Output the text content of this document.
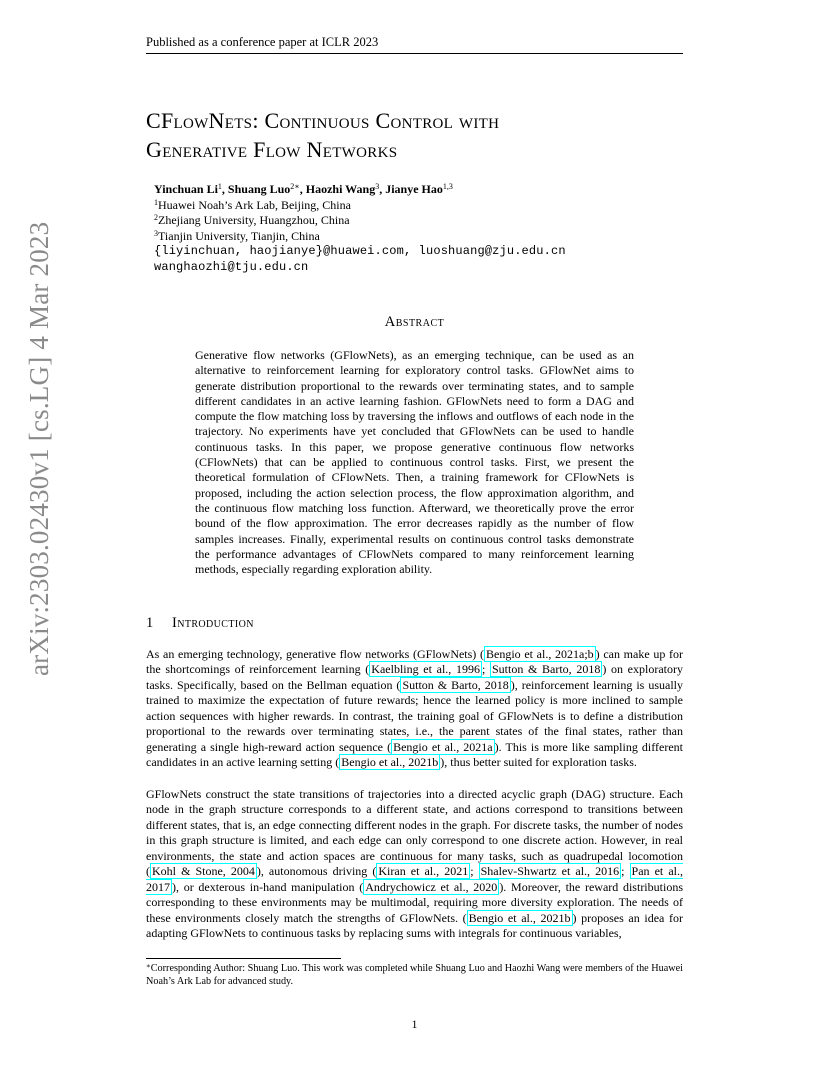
Published as a conference paper at ICLR 2023
arXiv:2303.02430v1 [cs.LG] 4 Mar 2023
CFlowNets: Continuous Control with
Generative Flow Networks
Yinchuan Li$^1$, Shuang Luo$^{2∗}$, Haozhi Wang$^3$, Jianye Hao$^{1,3}$
$^1$Huawei Noah’s Ark Lab, Beijing, China
$^2$Zhejiang University, Huangzhou, China
$^3$Tianjin University, Tianjin, China
{liyinchuan, haojianye}@huawei.com, luoshuang@zju.edu.cn
wanghaozhi@tju.edu.cn
Abstract
Generative flow networks (GFlowNets), as an emerging technique, can be used as an alternative to reinforcement learning for exploratory control tasks. GFlowNet aims to generate distribution proportional to the rewards over terminating states, and to sample different candidates in an active learning fashion. GFlowNets need to form a DAG and compute the flow matching loss by traversing the inflows and outflows of each node in the trajectory. No experiments have yet concluded that GFlowNets can be used to handle continuous tasks. In this paper, we propose generative continuous flow networks (CFlowNets) that can be applied to continuous control tasks. First, we present the theoretical formulation of CFlowNets. Then, a training framework for CFlowNets is proposed, including the action selection process, the flow approximation algorithm, and the continuous flow matching loss function. Afterward, we theoretically prove the error bound of the flow approximation. The error decreases rapidly as the number of flow samples increases. Finally, experimental results on continuous control tasks demonstrate the performance advantages of CFlowNets compared to many reinforcement learning methods, especially regarding exploration ability.
1 Introduction
As an emerging technology, generative flow networks (GFlowNets) ( Bengio et al., 2021a;b ) can make up for the shortcomings of reinforcement learning ( Kaelbling et al., 1996 ; Sutton & Barto, 2018 ) on exploratory tasks. Specifically, based on the Bellman equation ( Sutton & Barto, 2018 ), reinforcement learning is usually trained to maximize the expectation of future rewards; hence the learned policy is more inclined to sample action sequences with higher rewards. In contrast, the training goal of GFlowNets is to define a distribution proportional to the rewards over terminating states, i.e., the parent states of the final states, rather than generating a single high-reward action sequence ( Bengio et al., 2021a ). This is more like sampling different candidates in an active learning setting ( Bengio et al., 2021b ), thus better suited for exploration tasks.
GFlowNets construct the state transitions of trajectories into a directed acyclic graph (DAG) structure. Each node in the graph structure corresponds to a different state, and actions correspond to transitions between different states, that is, an edge connecting different nodes in the graph. For discrete tasks, the number of nodes in this graph structure is limited, and each edge can only correspond to one discrete action. However, in real environments, the state and action spaces are continuous for many tasks, such as quadrupedal locomotion ( Kohl & Stone, 2004 ), autonomous driving ( Kiran et al., 2021 ; Shalev-Shwartz et al., 2016 ; Pan et al., 2017 ), or dexterous in-hand manipulation ( Andrychowicz et al., 2020 ). Moreover, the reward distributions corresponding to these environments may be multimodal, requiring more diversity exploration. The needs of these environments closely match the strengths of GFlowNets. ( Bengio et al., 2021b ) proposes an idea for adapting GFlowNets to continuous tasks by replacing sums with integrals for continuous variables,
∗Corresponding Author: Shuang Luo. This work was completed while Shuang Luo and Haozhi Wang were members of the Huawei Noah’s Ark Lab for advanced study.
1
